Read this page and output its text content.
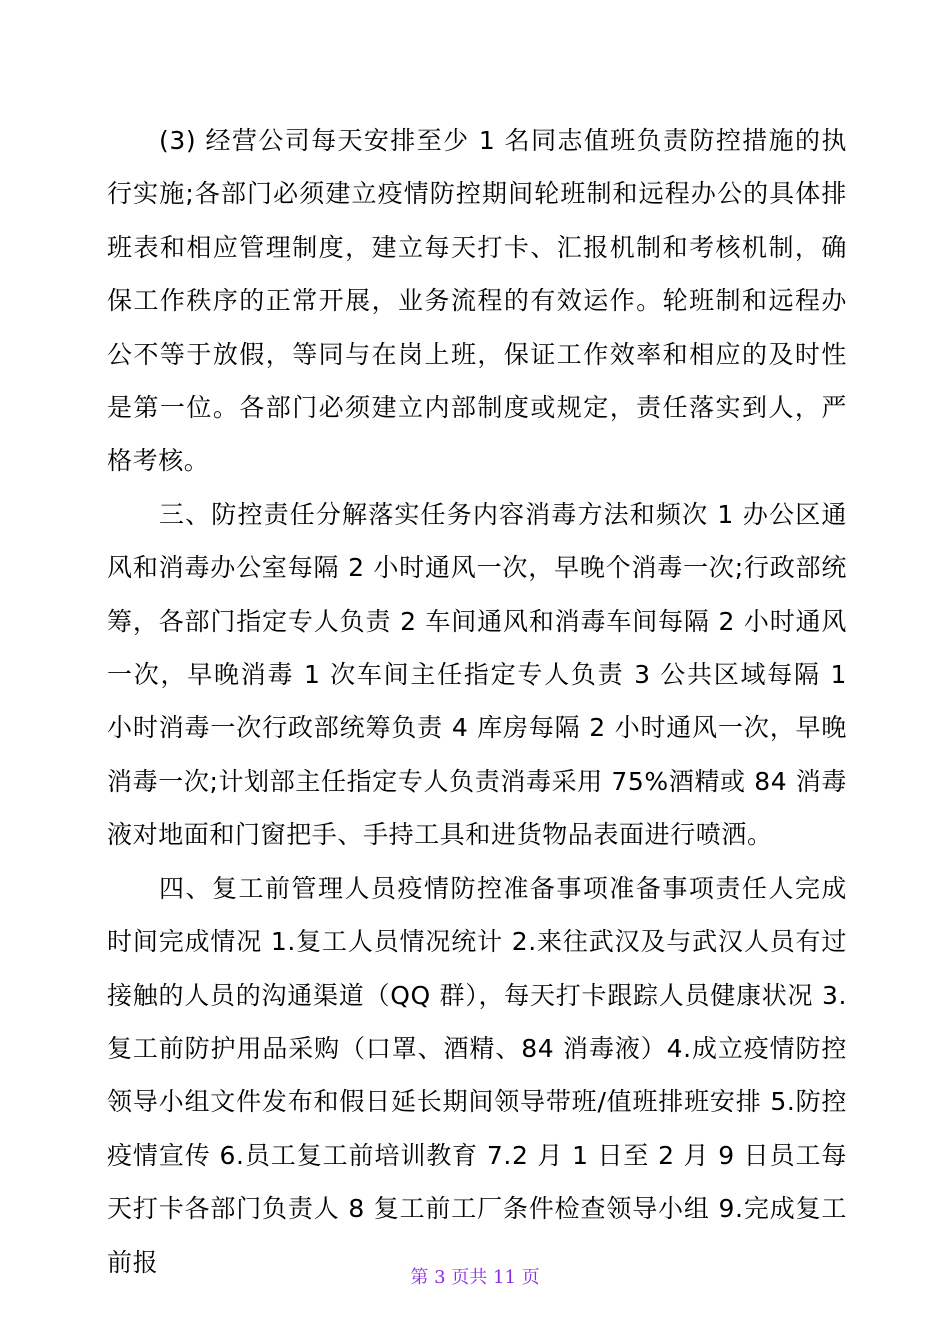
(3) 经营公司每天安排至少 1 名同志值班负责防控措施的执行实施;各部门必须建立疫情防控期间轮班制和远程办公的具体排班表和相应管理制度，建立每天打卡、汇报机制和考核机制，确保工作秩序的正常开展，业务流程的有效运作。轮班制和远程办公不等于放假，等同与在岗上班，保证工作效率和相应的及时性是第一位。各部门必须建立内部制度或规定，责任落实到人，严格考核。

三、防控责任分解落实任务内容消毒方法和频次 1 办公区通风和消毒办公室每隔 2 小时通风一次，早晚个消毒一次;行政部统筹，各部门指定专人负责 2 车间通风和消毒车间每隔 2 小时通风一次，早晚消毒 1 次车间主任指定专人负责 3 公共区域每隔 1 小时消毒一次行政部统筹负责 4 库房每隔 2 小时通风一次，早晚消毒一次;计划部主任指定专人负责消毒采用 75%酒精或 84 消毒液对地面和门窗把手、手持工具和进货物品表面进行喷洒。

四、复工前管理人员疫情防控准备事项准备事项责任人完成时间完成情况 1.复工人员情况统计 2.来往武汉及与武汉人员有过接触的人员的沟通渠道（QQ 群），每天打卡跟踪人员健康状况 3.复工前防护用品采购（口罩、酒精、84 消毒液）4.成立疫情防控领导小组文件发布和假日延长期间领导带班/值班排班安排 5.防控疫情宣传 6.员工复工前培训教育 7.2 月 1 日至 2 月 9 日员工每天打卡各部门负责人 8 复工前工厂条件检查领导小组 9.完成复工前报

第 3 页共 11 页
